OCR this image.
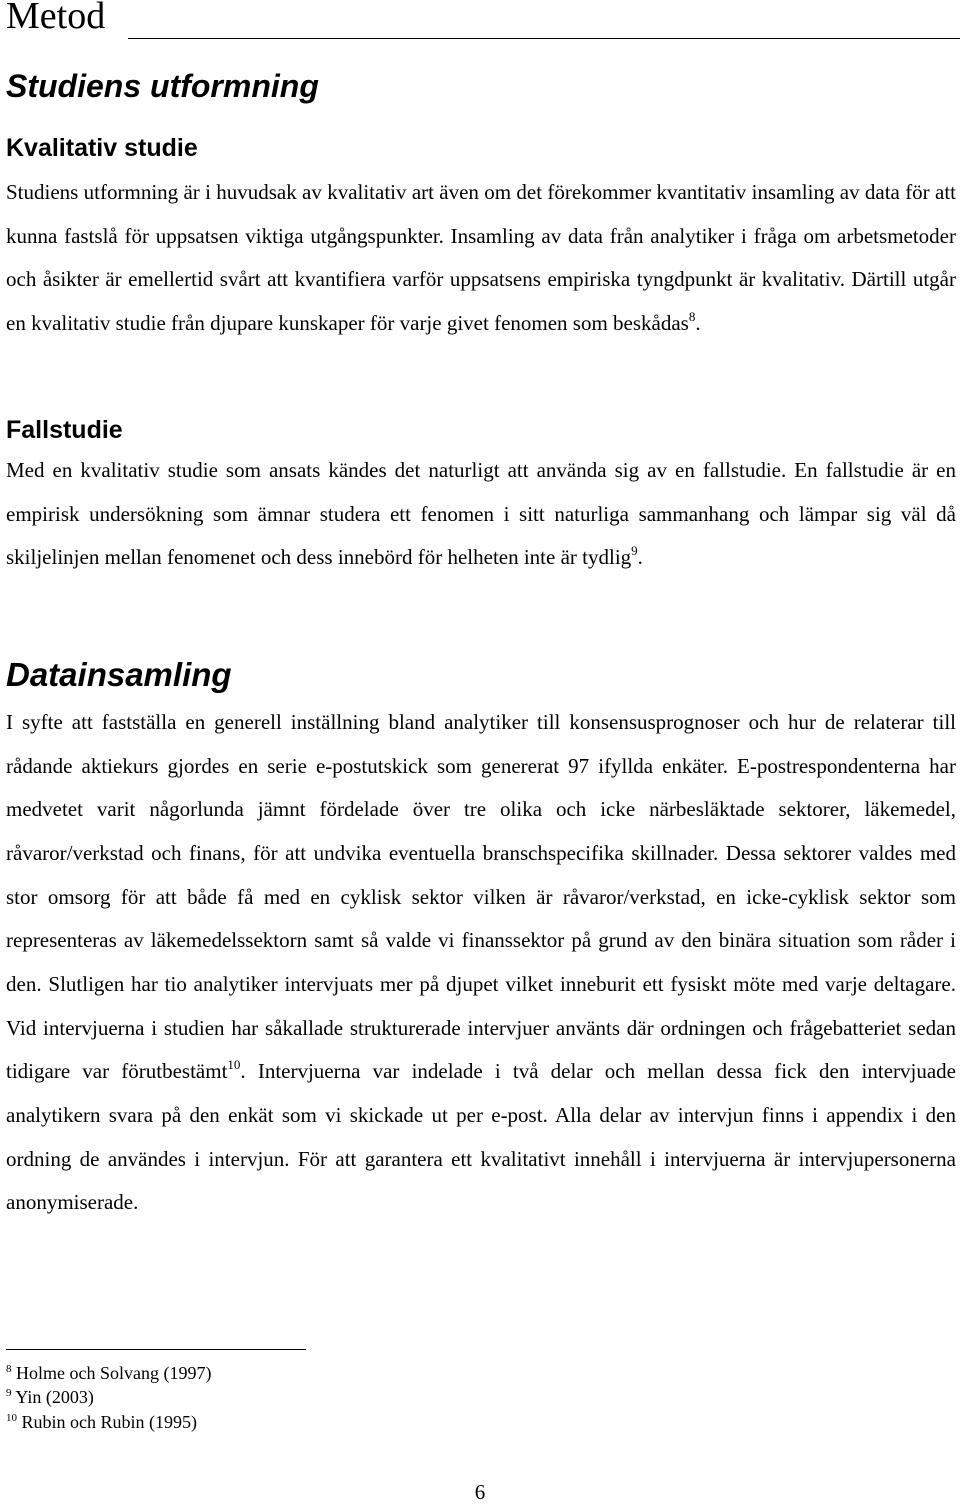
Metod
Studiens utformning
Kvalitativ studie

Studiens utformning är i huvudsak av kvalitativ art även om det förekommer kvantitativ insamling av data för att kunna fastslå för uppsatsen viktiga utgångspunkter. Insamling av data från analytiker i fråga om arbetsmetoder och åsikter är emellertid svårt att kvantifiera varför uppsatsens empiriska tyngdpunkt är kvalitativ. Därtill utgår en kvalitativ studie från djupare kunskaper för varje givet fenomen som beskådas$^8$.

Fallstudie

Med en kvalitativ studie som ansats kändes det naturligt att använda sig av en fallstudie. En fallstudie är en empirisk undersökning som ämnar studera ett fenomen i sitt naturliga sammanhang och lämpar sig väl då skiljelinjen mellan fenomenet och dess innebörd för helheten inte är tydlig$^9$.

Datainsamling

I syfte att fastställa en generell inställning bland analytiker till konsensusprognoser och hur de relaterar till rådande aktiekurs gjordes en serie e-postutskick som genererat 97 ifyllda enkäter. E-postrespondenterna har medvetet varit någorlunda jämnt fördelade över tre olika och icke närbesläktade sektorer, läkemedel, råvaror/verkstad och finans, för att undvika eventuella branschspecifika skillnader. Dessa sektorer valdes med stor omsorg för att både få med en cyklisk sektor vilken är råvaror/verkstad, en icke-cyklisk sektor som representeras av läkemedelssektorn samt så valde vi finanssektor på grund av den binära situation som råder i den. Slutligen har tio analytiker intervjuats mer på djupet vilket inneburit ett fysiskt möte med varje deltagare. Vid intervjuerna i studien har såkallade strukturerade intervjuer använts där ordningen och frågebatteriet sedan tidigare var förutbestämt$^{10}$. Intervjuerna var indelade i två delar och mellan dessa fick den intervjuade analytikern svara på den enkät som vi skickade ut per e-post. Alla delar av intervjun finns i appendix i den ordning de användes i intervjun. För att garantera ett kvalitativt innehåll i intervjuerna är intervjupersonerna anonymiserade.

$^8$ Holme och Solvang (1997)
$^9$ Yin (2003)
$^{10}$ Rubin och Rubin (1995)
6
